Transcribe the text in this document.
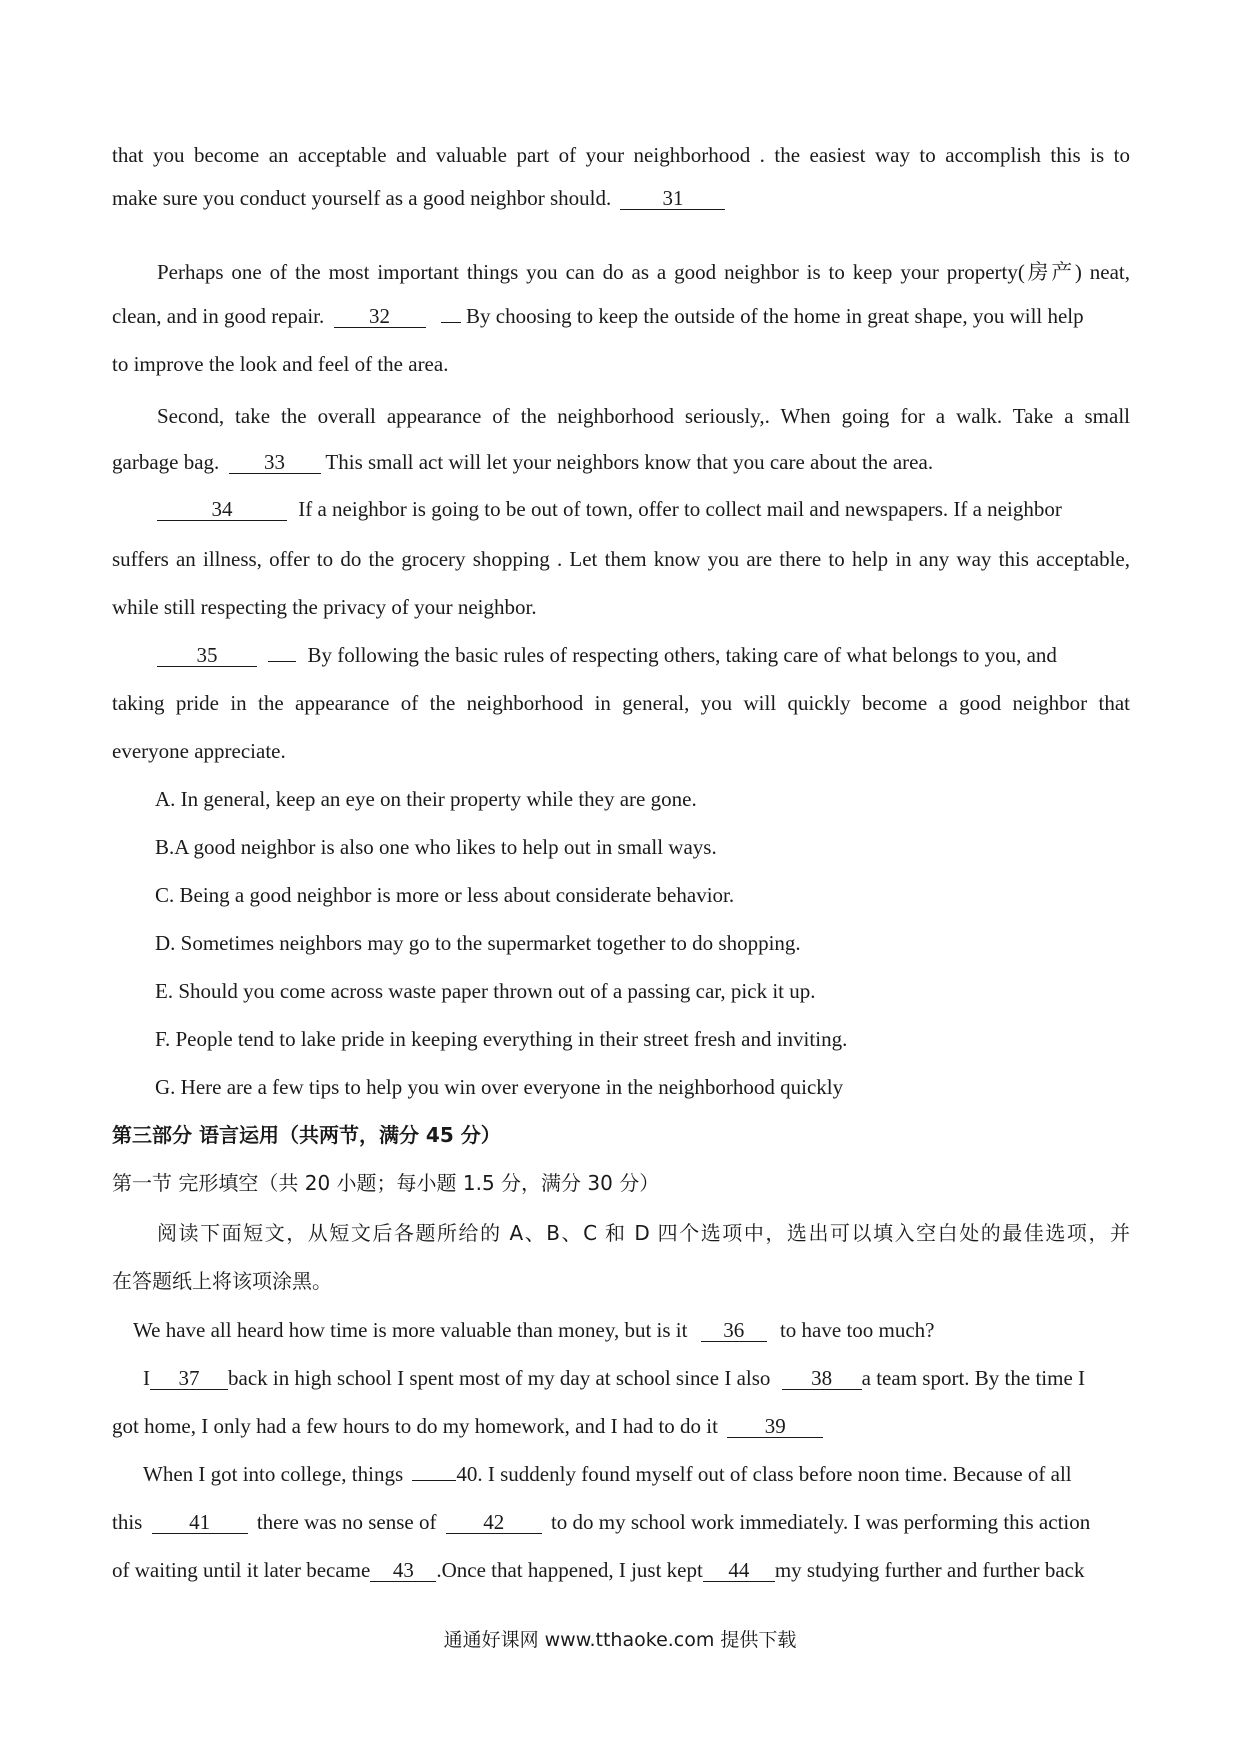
that you become an acceptable and valuable part of your neighborhood . the easiest way to accomplish this is to
make sure you conduct yourself as a good neighbor should. 31
Perhaps one of the most important things you can do as a good neighbor is to keep your property(房产) neat,
clean, and in good repair. 32	By choosing to keep the outside of the home in great shape, you will help
to improve the look and feel of the area.
Second, take the overall appearance of the neighborhood seriously,. When going for a walk. Take a small
garbage bag. 33 This small act will let your neighbors know that you care about the area.
34	If a neighbor is going to be out of town, offer to collect mail and newspapers. If a neighbor
suffers an illness, offer to do the grocery shopping . Let them know you are there to help in any way this acceptable,
while still respecting the privacy of your neighbor.
35	By following the basic rules of respecting others, taking care of what belongs to you, and
taking pride in the appearance of the neighborhood in general, you will quickly become a good neighbor that
everyone appreciate.
A. In general, keep an eye on their property while they are gone.
B.A good neighbor is also one who likes to help out in small ways.
C. Being a good neighbor is more or less about considerate behavior.
D. Sometimes neighbors may go to the supermarket together to do shopping.
E. Should you come across waste paper thrown out of a passing car, pick it up.
F. People tend to lake pride in keeping everything in their street fresh and inviting.
G. Here are a few tips to help you win over everyone in the neighborhood quickly
第三部分 语言运用（共两节，满分 45 分）
第一节 完形填空（共 20 小题；每小题 1.5 分，满分 30 分）
阅读下面短文，从短文后各题所给的 A、B、C 和 D 四个选项中，选出可以填入空白处的最佳选项，并
在答题纸上将该项涂黑。
We have all heard how time is more valuable than money, but is it 36 to have too much?
I 37 back in high school I spent most of my day at school since I also 38 a team sport. By the time I
got home, I only had a few hours to do my homework, and I had to do it 39
When I got into college, things	40. I suddenly found myself out of class before noon time. Because of all
this 41 there was no sense of 42 to do my school work immediately. I was performing this action
of waiting until it later became 43 .Once that happened, I just kept 44 my studying further and further back
通通好课网 www.tthaoke.com 提供下载
